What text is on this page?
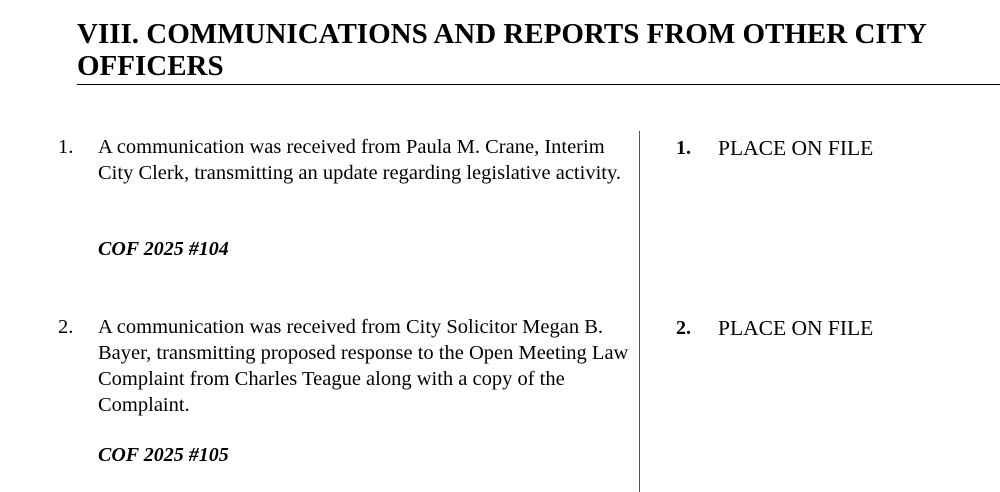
VIII. COMMUNICATIONS AND REPORTS FROM OTHER CITY OFFICERS
1. A communication was received from Paula M. Crane, Interim City Clerk, transmitting an update regarding legislative activity.
COF 2025 #104
1. PLACE ON FILE
2. A communication was received from City Solicitor Megan B. Bayer, transmitting proposed response to the Open Meeting Law Complaint from Charles Teague along with a copy of the Complaint.
COF 2025 #105
2. PLACE ON FILE
